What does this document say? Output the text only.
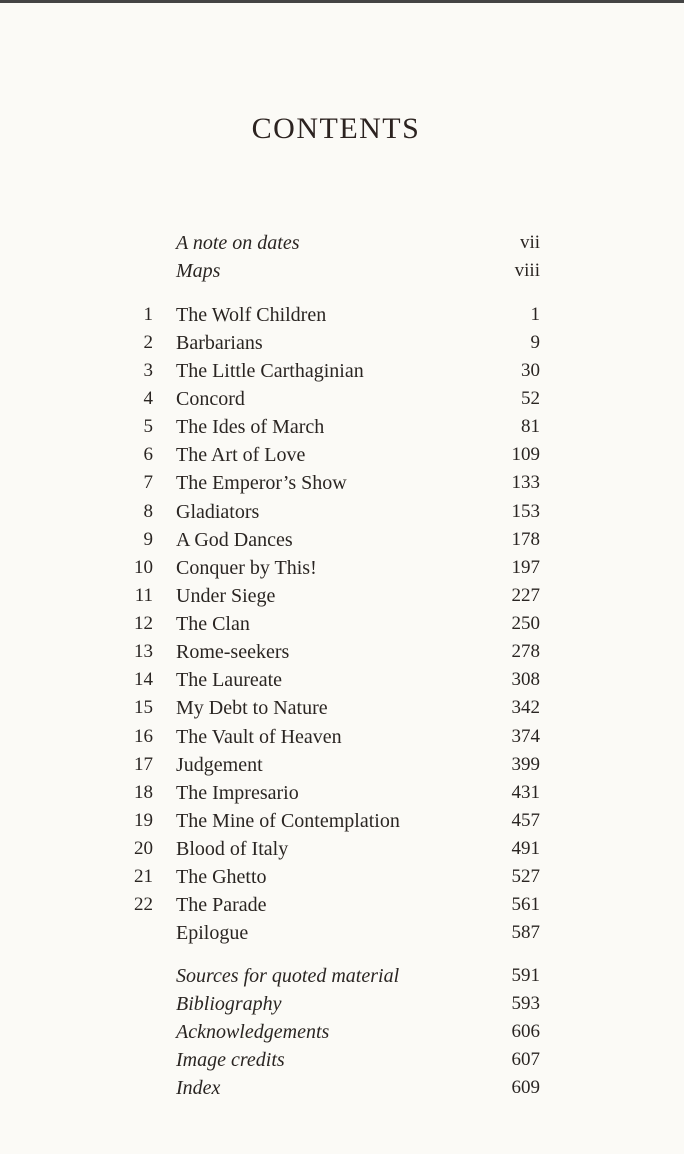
CONTENTS
A note on dates	vii
Maps	viii
1 The Wolf Children	1
2 Barbarians	9
3 The Little Carthaginian	30
4 Concord	52
5 The Ides of March	81
6 The Art of Love	109
7 The Emperor’s Show	133
8 Gladiators	153
9 A God Dances	178
10 Conquer by This!	197
11 Under Siege	227
12 The Clan	250
13 Rome-seekers	278
14 The Laureate	308
15 My Debt to Nature	342
16 The Vault of Heaven	374
17 Judgement	399
18 The Impresario	431
19 The Mine of Contemplation	457
20 Blood of Italy	491
21 The Ghetto	527
22 The Parade	561
Epilogue	587
Sources for quoted material	591
Bibliography	593
Acknowledgements	606
Image credits	607
Index	609
